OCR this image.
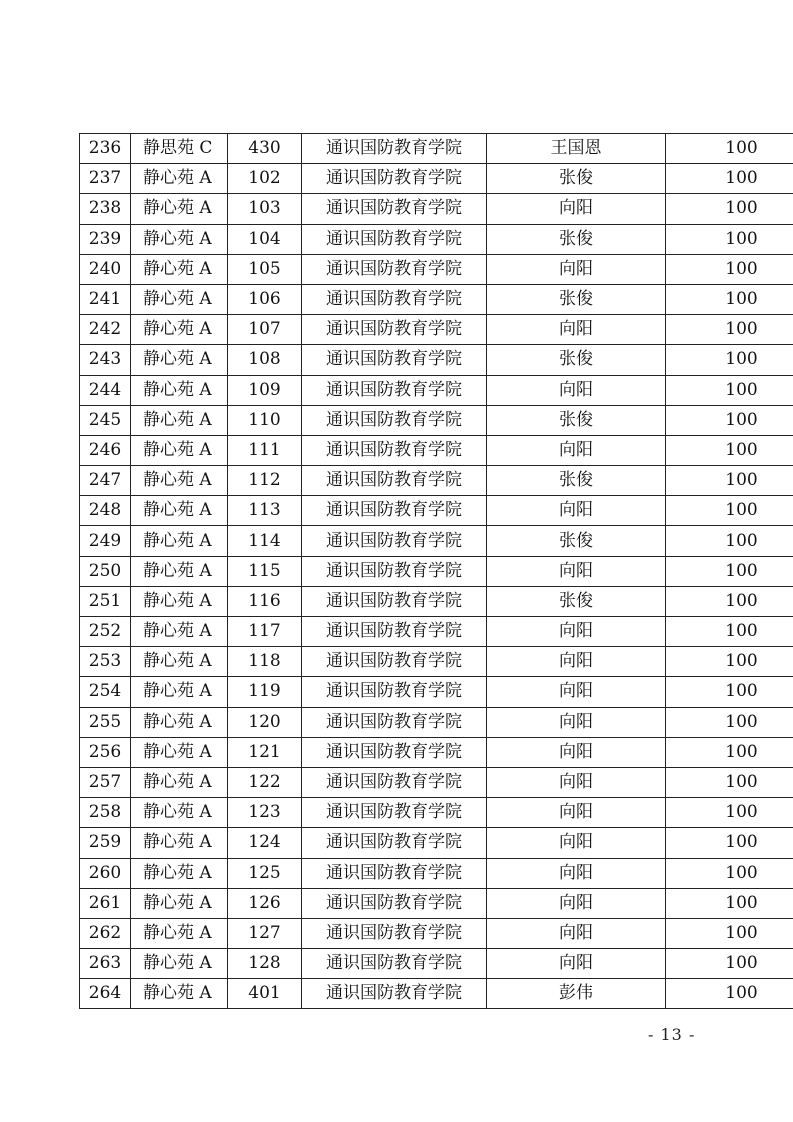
236	静思苑 C	430	通识国防教育学院	王国恩	100
237	静心苑 A	102	通识国防教育学院	张俊	100
238	静心苑 A	103	通识国防教育学院	向阳	100
239	静心苑 A	104	通识国防教育学院	张俊	100
240	静心苑 A	105	通识国防教育学院	向阳	100
241	静心苑 A	106	通识国防教育学院	张俊	100
242	静心苑 A	107	通识国防教育学院	向阳	100
243	静心苑 A	108	通识国防教育学院	张俊	100
244	静心苑 A	109	通识国防教育学院	向阳	100
245	静心苑 A	110	通识国防教育学院	张俊	100
246	静心苑 A	111	通识国防教育学院	向阳	100
247	静心苑 A	112	通识国防教育学院	张俊	100
248	静心苑 A	113	通识国防教育学院	向阳	100
249	静心苑 A	114	通识国防教育学院	张俊	100
250	静心苑 A	115	通识国防教育学院	向阳	100
251	静心苑 A	116	通识国防教育学院	张俊	100
252	静心苑 A	117	通识国防教育学院	向阳	100
253	静心苑 A	118	通识国防教育学院	向阳	100
254	静心苑 A	119	通识国防教育学院	向阳	100
255	静心苑 A	120	通识国防教育学院	向阳	100
256	静心苑 A	121	通识国防教育学院	向阳	100
257	静心苑 A	122	通识国防教育学院	向阳	100
258	静心苑 A	123	通识国防教育学院	向阳	100
259	静心苑 A	124	通识国防教育学院	向阳	100
260	静心苑 A	125	通识国防教育学院	向阳	100
261	静心苑 A	126	通识国防教育学院	向阳	100
262	静心苑 A	127	通识国防教育学院	向阳	100
263	静心苑 A	128	通识国防教育学院	向阳	100
264	静心苑 A	401	通识国防教育学院	彭伟	100
- 13 -
